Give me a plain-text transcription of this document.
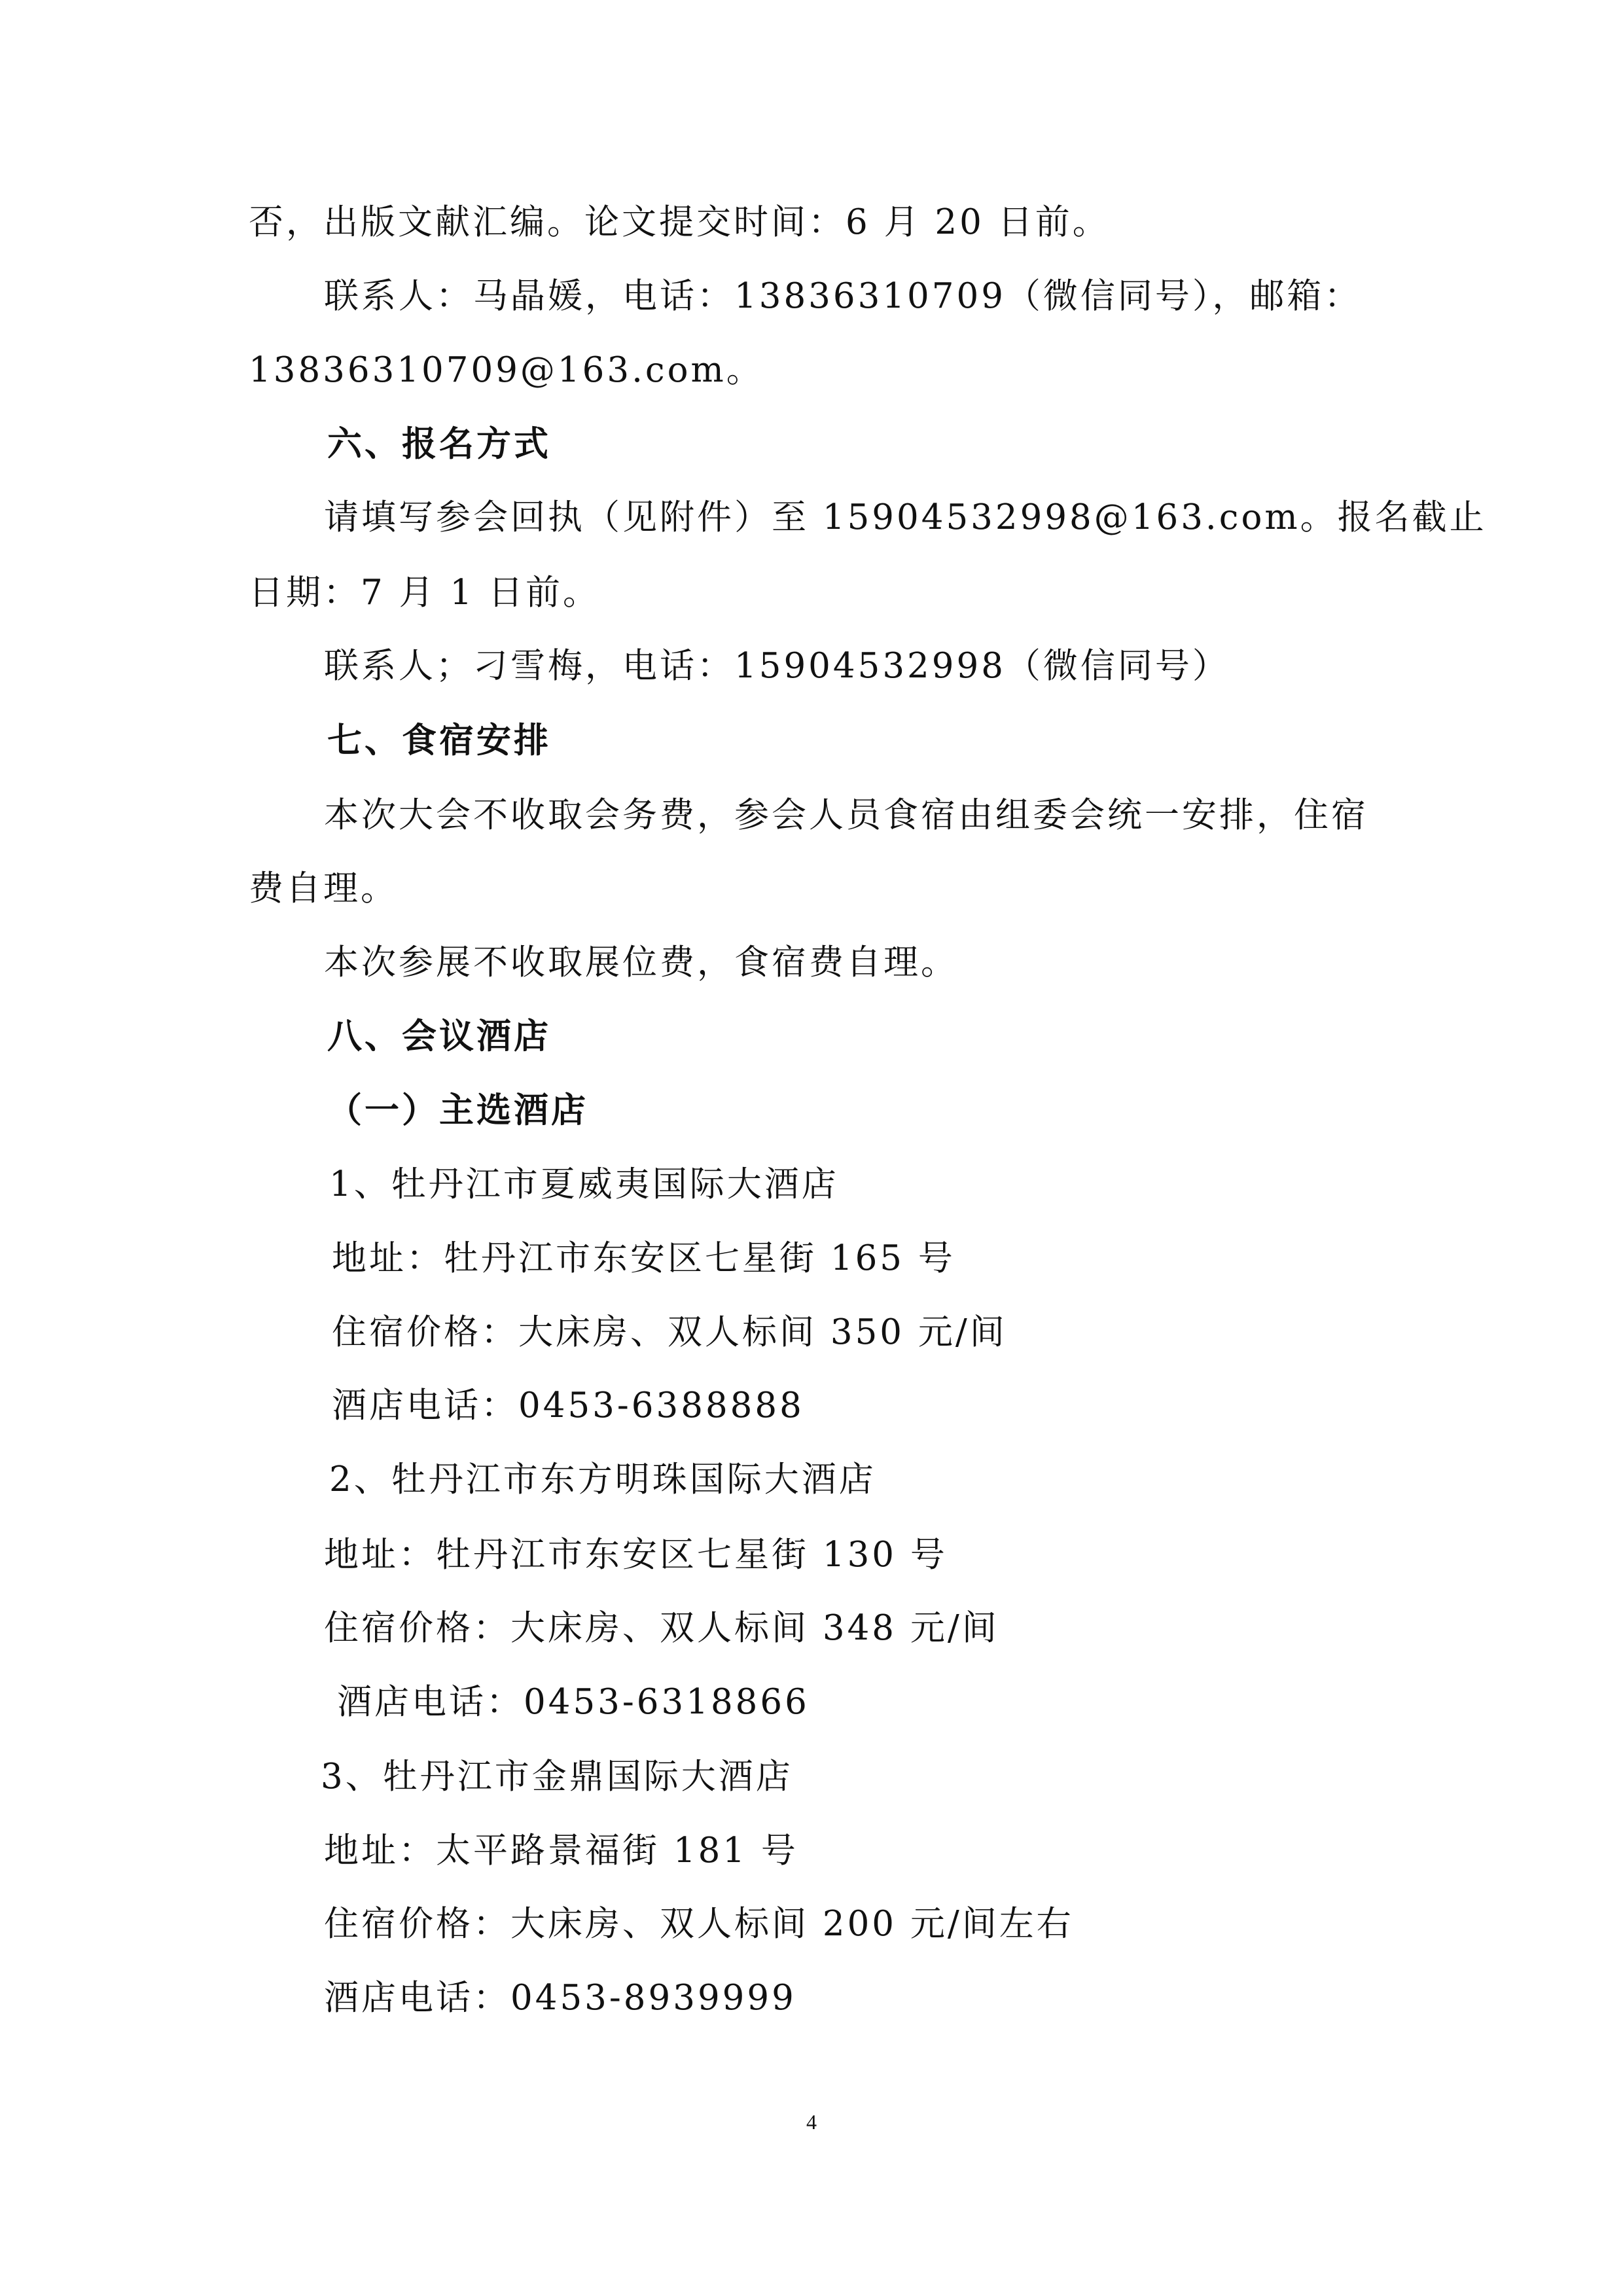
否，出版文献汇编。论文提交时间：6 月 20 日前。

联系人：马晶媛，电话：13836310709（微信同号），邮箱：

13836310709@163.com。

六、报名方式

请填写参会回执（见附件）至 15904532998@163.com。报名截止

日期：7 月 1 日前。

联系人；刁雪梅，电话：15904532998（微信同号）

七、食宿安排

本次大会不收取会务费，参会人员食宿由组委会统一安排，住宿

费自理。

本次参展不收取展位费，食宿费自理。

八、会议酒店

（一）主选酒店

1、牡丹江市夏威夷国际大酒店

地址：牡丹江市东安区七星街 165 号

住宿价格：大床房、双人标间 350 元/间

酒店电话：0453-6388888

2、牡丹江市东方明珠国际大酒店

地址：牡丹江市东安区七星街 130 号

住宿价格：大床房、双人标间 348 元/间

酒店电话：0453-6318866

3、牡丹江市金鼎国际大酒店

地址：太平路景福街 181 号

住宿价格：大床房、双人标间 200 元/间左右

酒店电话：0453-8939999

4
